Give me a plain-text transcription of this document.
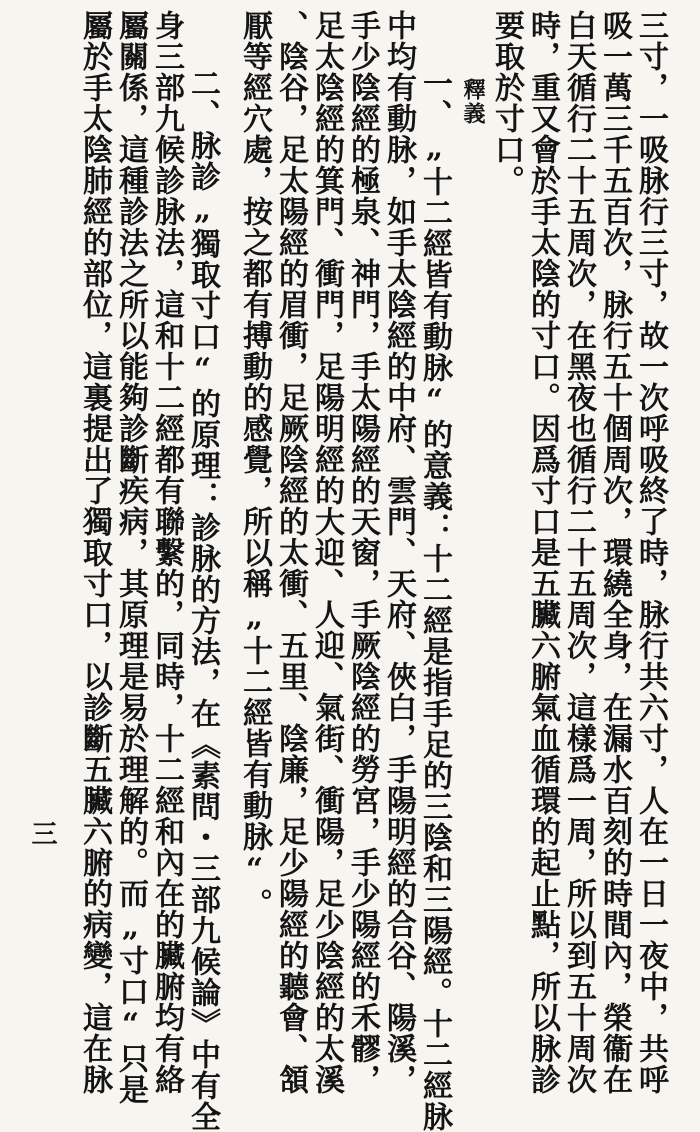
三寸，一吸脉行三寸，故一次呼吸終了時，脉行共六寸，人在一日一夜中，共呼
吸一萬三千五百次，脉行五十個周次，環繞全身，在漏水百刻的時間內，榮衞在
白天循行二十五周次，在黑夜也循行二十五周次，這樣爲一周，所以到五十周次
時，重又會於手太陰的寸口。因爲寸口是五臟六腑氣血循環的起止點，所以脉診
要取於寸口。
釋義
一、„十二經皆有動脉“的意義：十二經是指手足的三陰和三陽經。十二經脉
中均有動脉，如手太陰經的中府、雲門、天府、俠白，手陽明經的合谷、陽溪，
手少陰經的極泉、神門，手太陽經的天窗，手厥陰經的勞宮，手少陽經的禾髎，
足太陰經的箕門、衝門，足陽明經的大迎、人迎、氣街、衝陽，足少陰經的太溪
、陰谷，足太陽經的眉衝，足厥陰經的太衝、五里、陰廉，足少陽經的聽會、頷
厭等經穴處，按之都有搏動的感覺，所以稱„十二經皆有動脉“。
二、脉診„獨取寸口“的原理：診脉的方法，在《素問・三部九候論》中有全
身三部九候診脉法，這和十二經都有聯繫的，同時，十二經和內在的臟腑均有絡
屬關係，這種診法之所以能夠診斷疾病，其原理是易於理解的。而„寸口“只是
屬於手太陰肺經的部位，這裏提出了獨取寸口，以診斷五臟六腑的病變，這在脉
三
